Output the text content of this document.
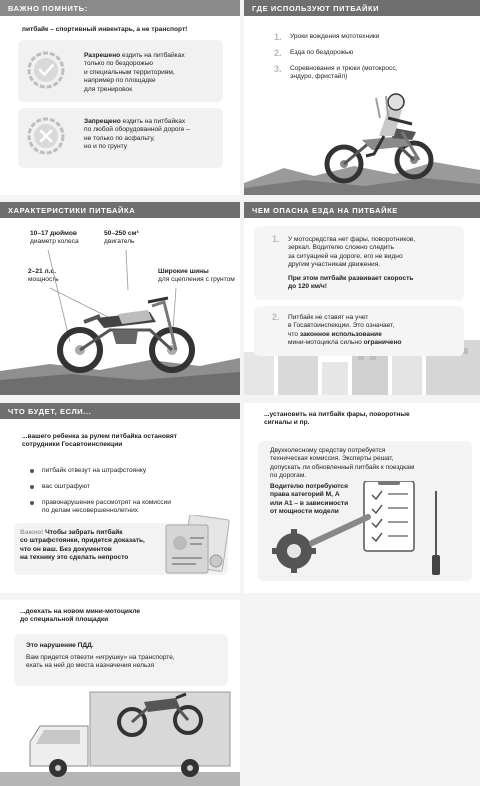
ВАЖНО ПОМНИТЬ:
питбайк – спортивный инвентарь, а не транспорт!
Разрешено ездить на питбайках
только по бездорожью
и специальным территориям,
например по площадке
для тренировок
Запрещено ездить на питбайках
по любой оборудованной дороге –
не только по асфальту,
но и по грунту
ГДЕ ИСПОЛЬЗУЮТ ПИТБАЙКИ
1. Уроки вождения мототехники
2. Езда по бездорожью
3. Соревнования и трюки (мотокросс,
эндуро, фристайл)
ХАРАКТЕРИСТИКИ ПИТБАЙКА
10–17 дюймов
диаметр колеса
50–250 см³
двигатель
2–21 л.с.
мощность
Широкие шины
для сцепления с грунтом
ЧЕМ ОПАСНА ЕЗДА НА ПИТБАЙКЕ
1. У мотосредства нет фары, поворотников,
зеркал. Водителю сложно следить
за ситуацией на дороге, его не видно
другим участникам движения.
При этом питбайк развивает скорость
до 120 км/ч!
2. Питбайк не ставят на учет
в Госавтоинспекции. Это означает,
что законное использование
мини-мотоцикла сильно ограничено
ЧТО БУДЕТ, ЕСЛИ...
...вашего ребенка за рулем питбайка остановят
сотрудники Госавтоинспекции
питбайк отвезут на штрафстоянку
вас оштрафуют
правонарушение рассмотрят на комиссии
по делам несовершеннолетних
Важно! Чтобы забрать питбайк
со штрафстоянки, придется доказать,
что он ваш. Без документов
на технику это сделать непросто
...установить на питбайк фары, поворотные
сигналы и пр.
Двухколесному средству потребуется
техническая комиссия. Эксперты решат,
допускать ли обновленный питбайк к поездкам
по дорогам.
Водителю потребуются
права категорий М, А
или А1 – в зависимости
от мощности модели
...доехать на новом мини-мотоцикле
до специальной площадки
Это нарушение ПДД.
Вам придется отвезти «игрушку» на транспорте,
ехать на ней до места назначения нельзя
